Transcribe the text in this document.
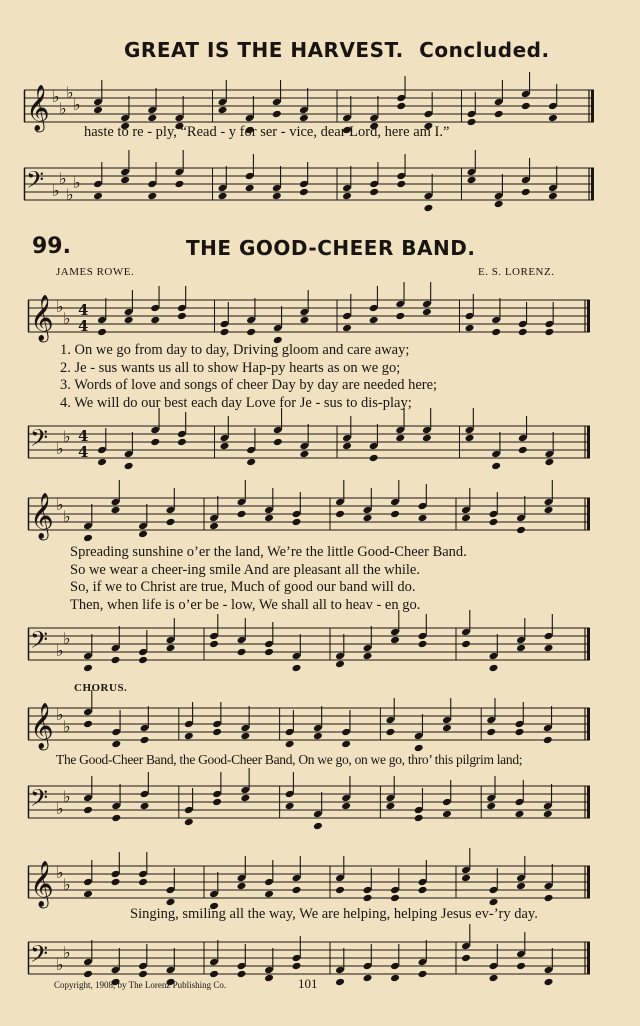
GREAT IS THE HARVEST. Concluded.
𝄞 ♭
♭
♭
♭
haste to re - ply, “Read - y for ser - vice, dear Lord, here am I.”
𝄢 ♭
♭
♭
♭
99.	THE GOOD-CHEER BAND.
JAMES ROWE.	E. S. LORENZ.
𝄞 ♭
♭ 4
4
1. On we go from day to day, Driving gloom and care away;
2. Je - sus wants us all to show Hap-py hearts as on we go;
3. Words of love and songs of cheer Day by day are needed here;
4. We will do our best each day Love for Je - sus to dis-play;
𝄢 ♭
♭ 4
4
𝄞 ♭
♭
Spreading sunshine o’er the land, We’re the little Good-Cheer Band.
So we wear a cheer-ing smile And are pleasant all the while.
So, if we to Christ are true, Much of good our band will do.
Then, when life is o’er be - low, We shall all to heav - en go.
𝄢 ♭
♭
CHORUS.
𝄞 ♭
♭
The Good-Cheer Band, the Good-Cheer Band, On we go, on we go, thro’ this pilgrim land;
𝄢 ♭
♭
𝄞 ♭
♭
Singing, smiling all the way, We are helping, helping Jesus ev-’ry day.
𝄢 ♭
♭
Copyright, 1908, by The Lorenz Publishing Co.	101
